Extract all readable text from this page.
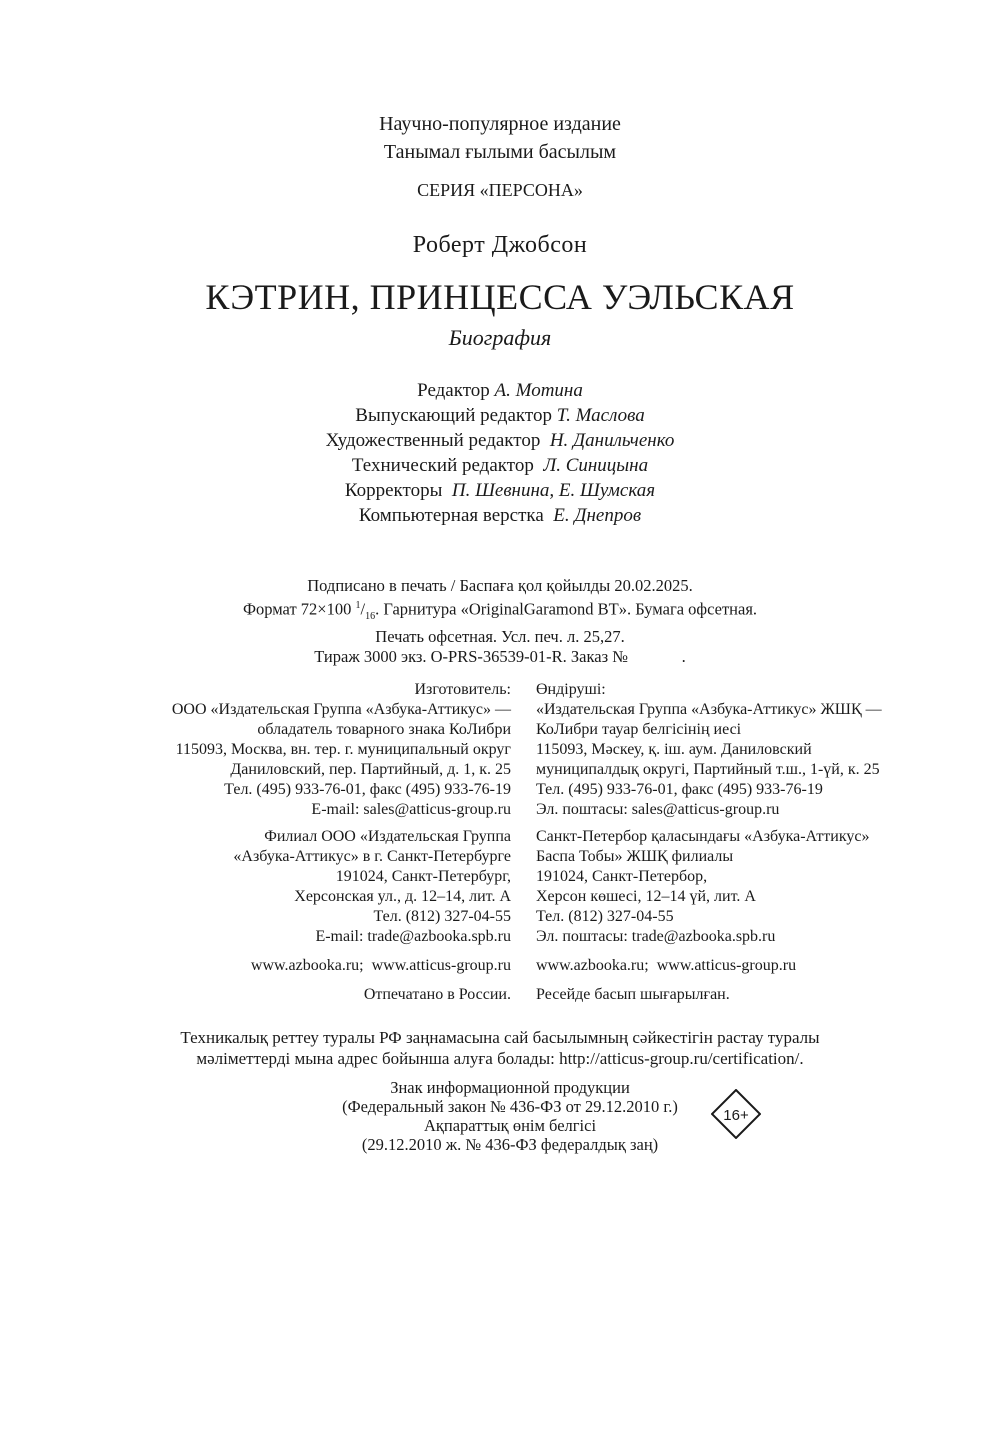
Научно-популярное издание
Танымал ғылыми басылым
СЕРИЯ «ПЕРСОНА»
Роберт Джобсон
КЭТРИН, ПРИНЦЕССА УЭЛЬСКАЯ
Биография
Редактор А. Мотина
Выпускающий редактор Т. Маслова
Художественный редактор Н. Данильченко
Технический редактор Л. Синицына
Корректоры П. Шевнина, Е. Шумская
Компьютерная верстка Е. Днепров
Подписано в печать / Баспаға қол қойылды 20.02.2025.
Формат 72×100 $^1/_{16}$. Гарнитура «OriginalGaramond BT». Бумага офсетная.
Печать офсетная. Усл. печ. л. 25,27.
Тираж 3000 экз. O-PRS-36539-01-R. Заказ №             .
Изготовитель:
ООО «Издательская Группа «Азбука-Аттикус» —
обладатель товарного знака КоЛибри
115093, Москва, вн. тер. г. муниципальный округ
Даниловский, пер. Партийный, д. 1, к. 25
Тел. (495) 933-76-01, факс (495) 933-76-19
E-mail: sales@atticus-group.ru
Өндіруші:
«Издательская Группа «Азбука-Аттикус» ЖШҚ —
КоЛибри тауар белгісінің иесі
115093, Мәскеу, қ. іш. аум. Даниловский
муниципалдық округі, Партийный т.ш., 1-үй, к. 25
Тел. (495) 933-76-01, факс (495) 933-76-19
Эл. поштасы: sales@atticus-group.ru
Филиал ООО «Издательская Группа
«Азбука-Аттикус» в г. Санкт-Петербурге
191024, Санкт-Петербург,
Херсонская ул., д. 12–14, лит. А
Тел. (812) 327-04-55
E-mail: trade@azbooka.spb.ru
Санкт-Петербор қаласындағы «Азбука-Аттикус»
Баспа Тобы» ЖШҚ филиалы
191024, Санкт-Петербор,
Херсон көшесі, 12–14 үй, лит. А
Тел. (812) 327-04-55
Эл. поштасы: trade@azbooka.spb.ru
www.azbooka.ru;  www.atticus-group.ru www.azbooka.ru;  www.atticus-group.ru
Отпечатано в России. Ресейде басып шығарылған.
Техникалық реттеу туралы РФ заңнамасына сай басылымның сәйкестігін растау туралы
мәліметтерді мына адрес бойынша алуға болады: http://atticus-group.ru/certification/.
Знак информационной продукции
(Федеральный закон № 436-ФЗ от 29.12.2010 г.)
Ақпараттық өнім белгісі
(29.12.2010 ж. № 436-ФЗ федералдық заң)
16+
